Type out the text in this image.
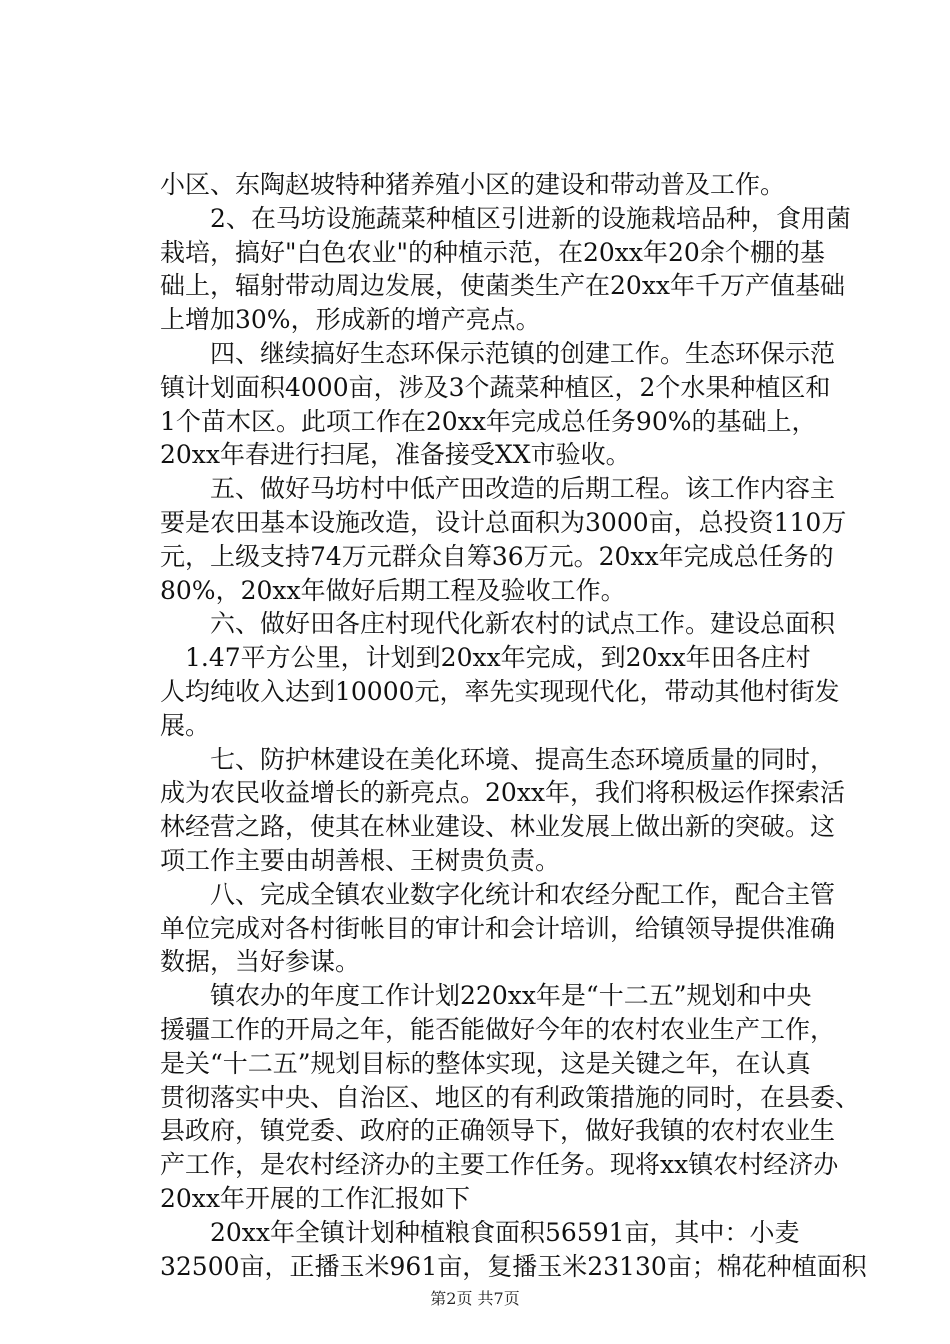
小区、东陶赵坡特种猪养殖小区的建设和带动普及工作。

　　2、在马坊设施蔬菜种植区引进新的设施栽培品种，食用菌
栽培，搞好"白色农业"的种植示范，在20xx年20余个棚的基
础上，辐射带动周边发展，使菌类生产在20xx年千万产值基础
上增加30%，形成新的增产亮点。

　　四、继续搞好生态环保示范镇的创建工作。生态环保示范
镇计划面积4000亩，涉及3个蔬菜种植区，2个水果种植区和
1个苗木区。此项工作在20xx年完成总任务90%的基础上，
20xx年春进行扫尾，准备接受XX市验收。

　　五、做好马坊村中低产田改造的后期工程。该工作内容主
要是农田基本设施改造，设计总面积为3000亩，总投资110万
元，上级支持74万元群众自筹36万元。20xx年完成总任务的
80%，20xx年做好后期工程及验收工作。

　　六、做好田各庄村现代化新农村的试点工作。建设总面积
　1.47平方公里，计划到20xx年完成，到20xx年田各庄村
人均纯收入达到10000元，率先实现现代化，带动其他村街发
展。

　　七、防护林建设在美化环境、提高生态环境质量的同时，
成为农民收益增长的新亮点。20xx年，我们将积极运作探索活
林经营之路，使其在林业建设、林业发展上做出新的突破。这
项工作主要由胡善根、王树贵负责。

　　八、完成全镇农业数字化统计和农经分配工作，配合主管
单位完成对各村街帐目的审计和会计培训，给镇领导提供准确
数据，当好参谋。

　　镇农办的年度工作计划220xx年是“十二五”规划和中央
援疆工作的开局之年，能否能做好今年的农村农业生产工作，
是关“十二五”规划目标的整体实现，这是关键之年，在认真
贯彻落实中央、自治区、地区的有利政策措施的同时，在县委、
县政府，镇党委、政府的正确领导下，做好我镇的农村农业生
产工作，是农村经济办的主要工作任务。现将xx镇农村经济办
20xx年开展的工作汇报如下

　　20xx年全镇计划种植粮食面积56591亩，其中：小麦
32500亩，正播玉米961亩，复播玉米23130亩；棉花种植面积

第2页 共7页
